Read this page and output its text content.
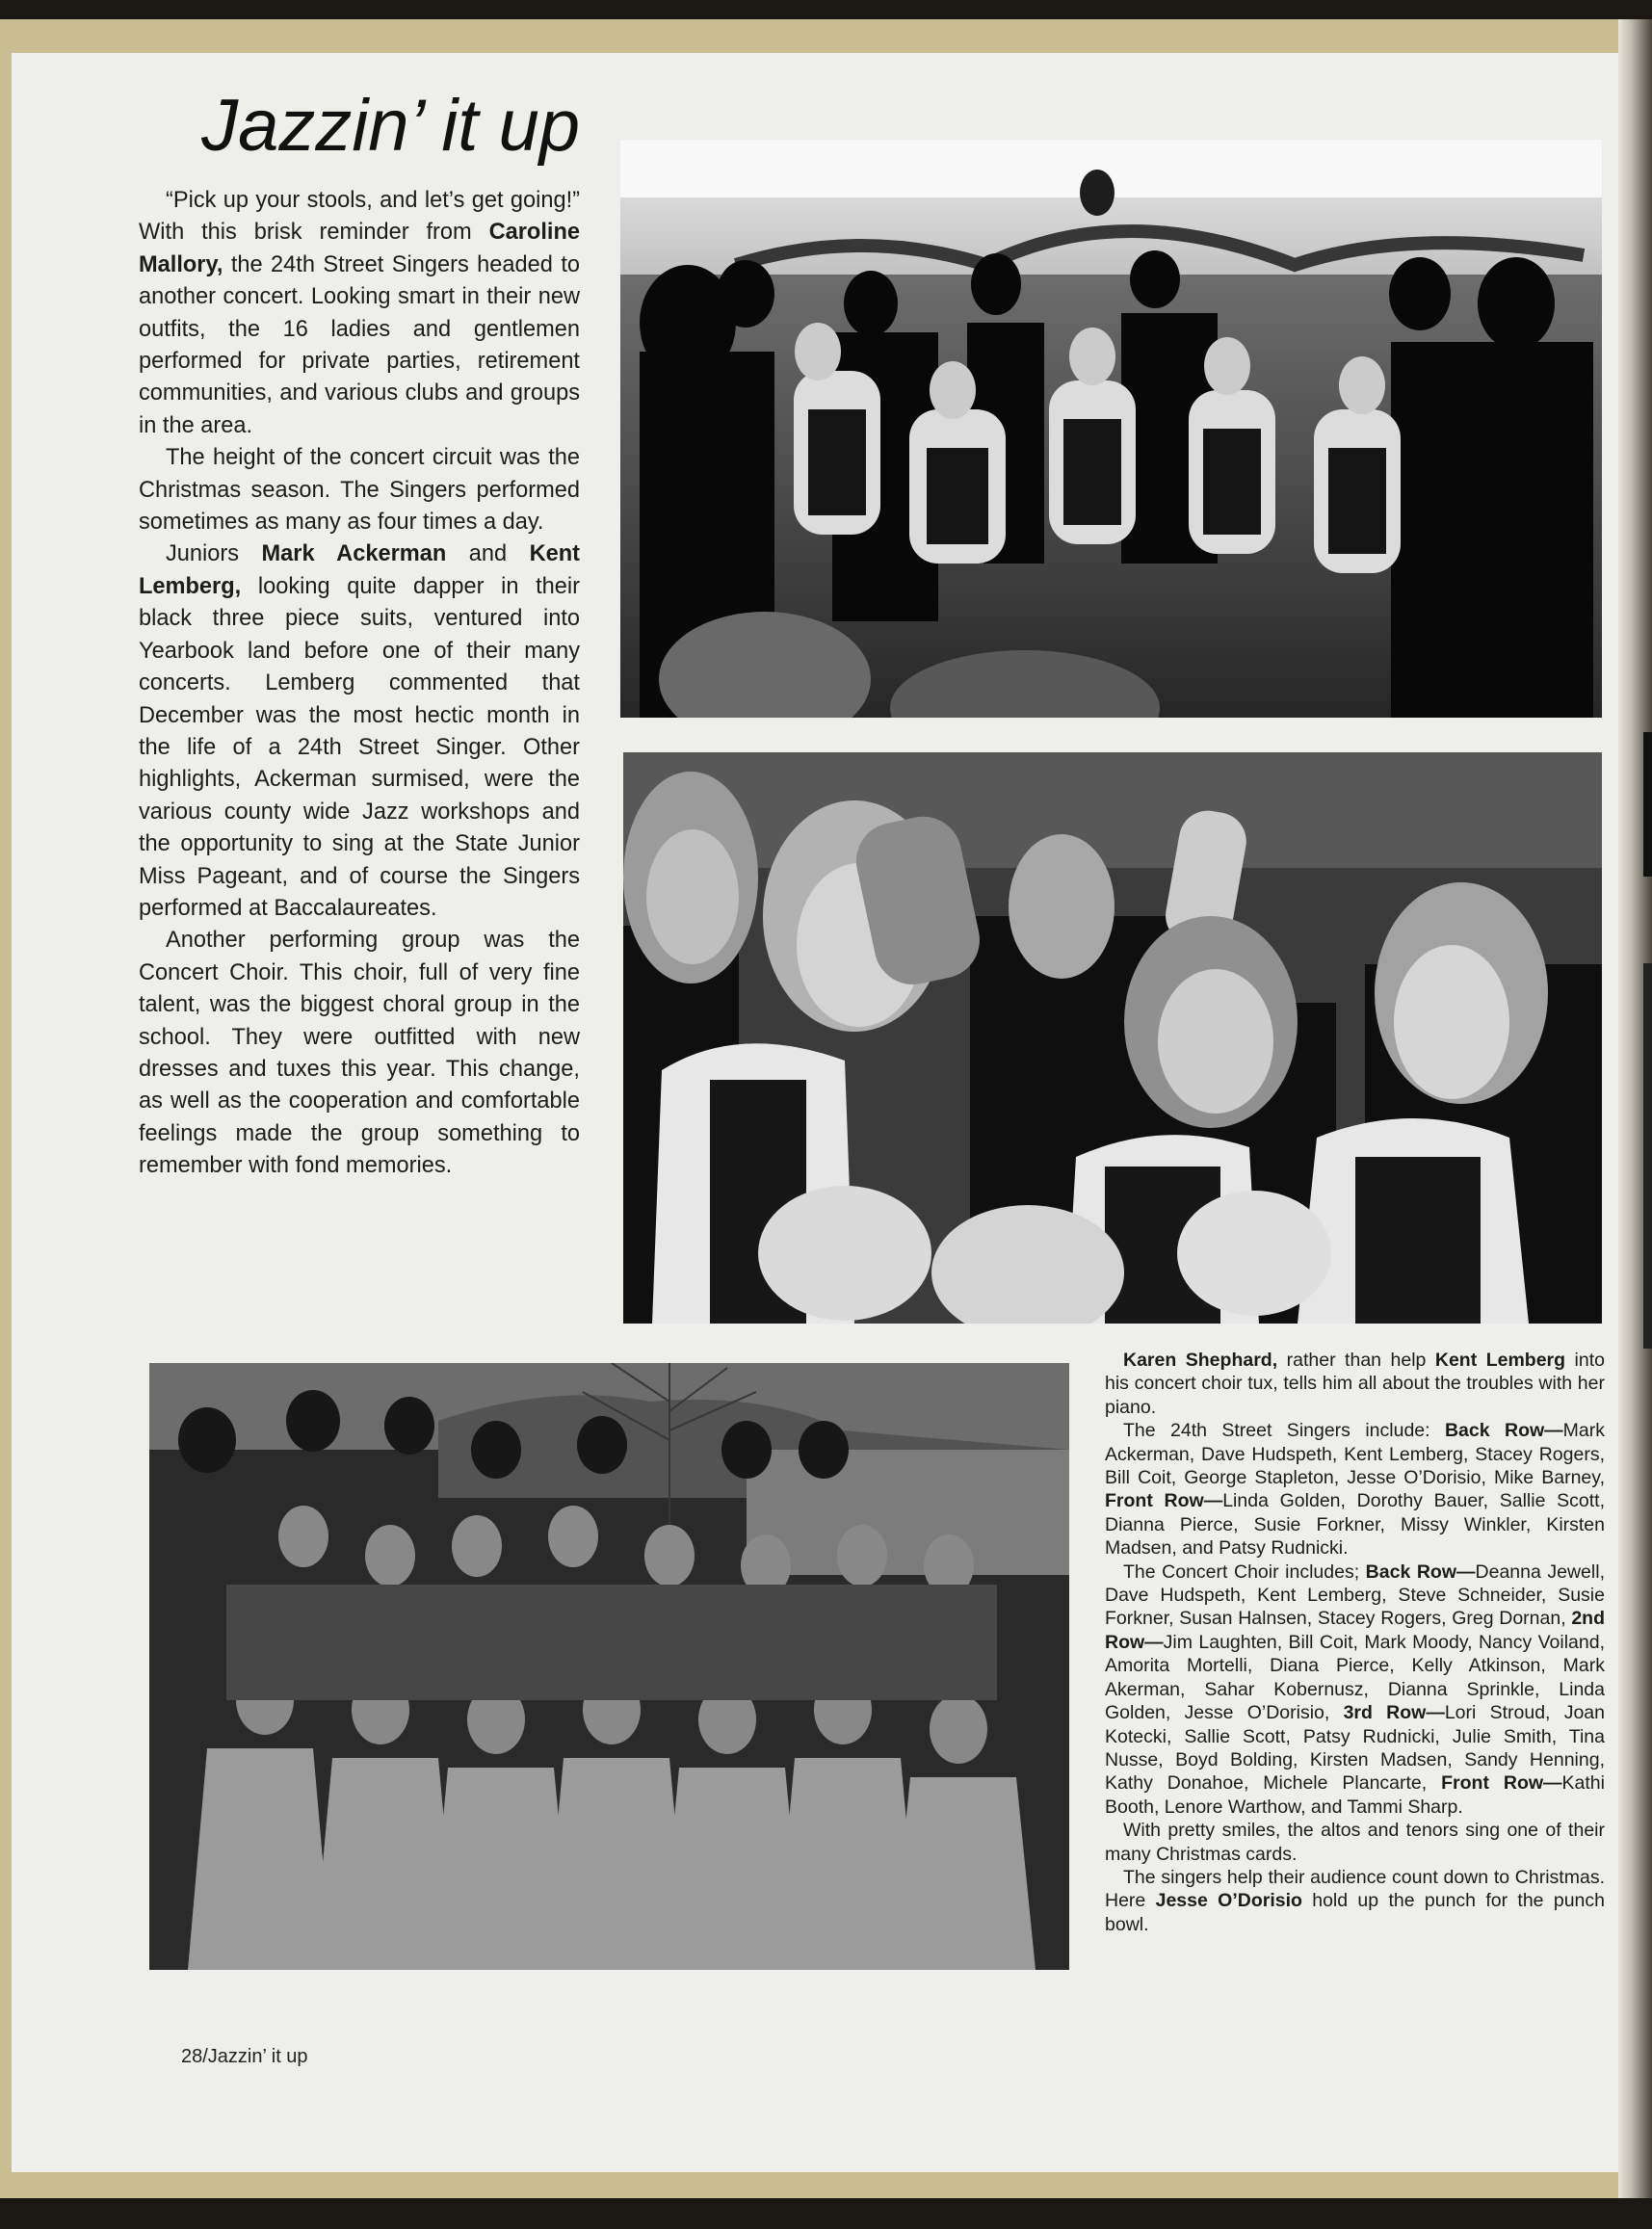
Jazzin’ it up

“Pick up your stools, and let’s get going!” With this brisk reminder from Caroline Mallory, the 24th Street Singers headed to another concert. Looking smart in their new outfits, the 16 ladies and gentlemen performed for private parties, retirement communities, and various clubs and groups in the area.

The height of the concert circuit was the Christmas season. The Singers performed sometimes as many as four times a day.

Juniors Mark Ackerman and Kent Lemberg, looking quite dapper in their black three piece suits, ventured into Yearbook land before one of their many concerts. Lemberg commented that December was the most hectic month in the life of a 24th Street Singer. Other highlights, Ackerman surmised, were the various county wide Jazz workshops and the opportunity to sing at the State Junior Miss Pageant, and of course the Singers performed at Baccalaureates.

Another performing group was the Concert Choir. This choir, full of very fine talent, was the biggest choral group in the school. They were outfitted with new dresses and tuxes this year. This change, as well as the cooperation and comfortable feelings made the group something to remember with fond memories.

Karen Shephard, rather than help Kent Lemberg into his concert choir tux, tells him all about the troubles with her piano.

The 24th Street Singers include: Back Row—Mark Ackerman, Dave Hudspeth, Kent Lemberg, Stacey Rogers, Bill Coit, George Stapleton, Jesse O’Dorisio, Mike Barney, Front Row—Linda Golden, Dorothy Bauer, Sallie Scott, Dianna Pierce, Susie Forkner, Missy Winkler, Kirsten Madsen, and Patsy Rudnicki.

The Concert Choir includes; Back Row—Deanna Jewell, Dave Hudspeth, Kent Lemberg, Steve Schneider, Susie Forkner, Susan Halnsen, Stacey Rogers, Greg Dornan, 2nd Row—Jim Laughten, Bill Coit, Mark Moody, Nancy Voiland, Amorita Mortelli, Diana Pierce, Kelly Atkinson, Mark Akerman, Sahar Kobernusz, Dianna Sprinkle, Linda Golden, Jesse O’Dorisio, 3rd Row—Lori Stroud, Joan Kotecki, Sallie Scott, Patsy Rudnicki, Julie Smith, Tina Nusse, Boyd Bolding, Kirsten Madsen, Sandy Henning, Kathy Donahoe, Michele Plancarte, Front Row—Kathi Booth, Lenore Warthow, and Tammi Sharp.

With pretty smiles, the altos and tenors sing one of their many Christmas cards.

The singers help their audience count down to Christmas. Here Jesse O’Dorisio hold up the punch for the punch bowl.

28/Jazzin’ it up
